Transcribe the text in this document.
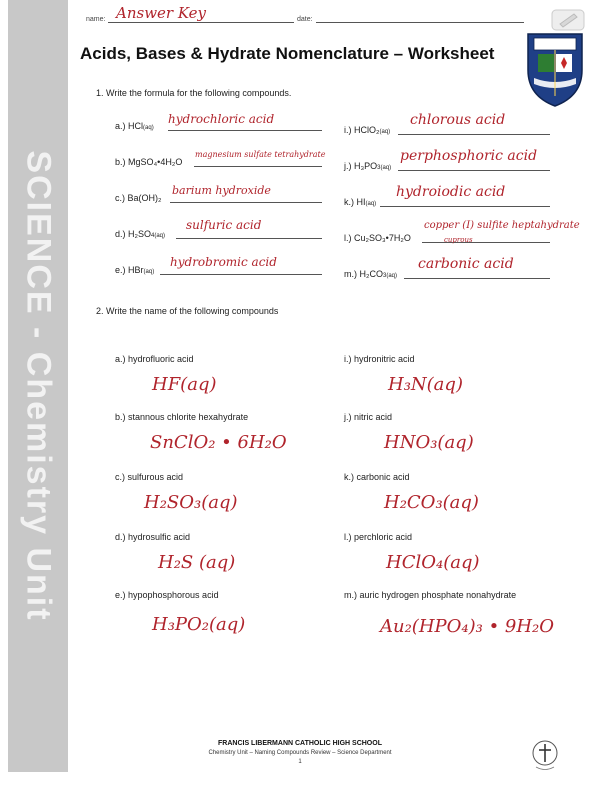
SCIENCE - Chemistry Unit
name: Answer Key	date:
Acids, Bases & Hydrate Nomenclature – Worksheet
1. Write the formula for the following compounds.
a.) HCl(aq)
hydrochloric acid
b.) MgSO₄•4H₂O
magnesium sulfate tetrahydrate
c.) Ba(OH)₂
barium hydroxide
d.) H₂SO4(aq)
sulfuric acid
e.) HBr(aq)
hydrobromic acid
i.) HClO₂(aq)
chlorous acid
j.) H₃PO3(aq)
perphosphoric acid
k.) HI(aq)
hydroiodic acid
l.) Cu₂SO₃•7H₂O
copper (I) sulfite heptahydrate
cuprous
m.) H₂CO3(aq)
carbonic acid
2. Write the name of the following compounds
a.) hydrofluoric acid
HF(aq)
b.) stannous chlorite hexahydrate
SnClO₂ • 6H₂O
c.) sulfurous acid
H₂SO₃(aq)
d.) hydrosulfic acid
H₂S (aq)
e.) hypophosphorous acid
H₃PO₂(aq)
i.) hydronitric acid
H₃N(aq)
j.) nitric acid
HNO₃(aq)
k.) carbonic acid
H₂CO₃(aq)
l.) perchloric acid
HClO₄(aq)
m.) auric hydrogen phosphate nonahydrate
Au₂(HPO₄)₃ • 9H₂O
FRANCIS LIBERMANN CATHOLIC HIGH SCHOOL
Chemistry Unit – Naming Compounds Review – Science Department
1
